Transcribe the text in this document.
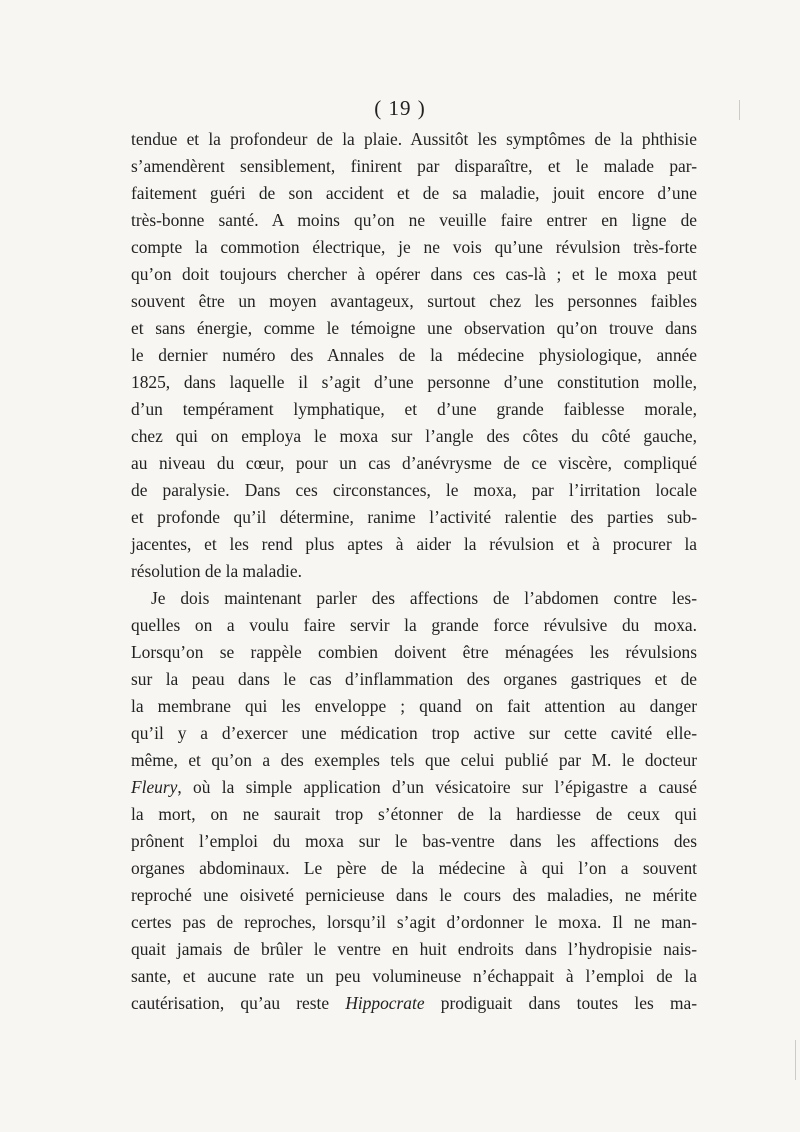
( 19 )
tendue et la profondeur de la plaie. Aussitôt les symptômes de la phthisie
s’amendèrent sensiblement, finirent par disparaître, et le malade par-
faitement guéri de son accident et de sa maladie, jouit encore d’une
très-bonne santé. A moins qu’on ne veuille faire entrer en ligne de
compte la commotion électrique, je ne vois qu’une révulsion très-forte
qu’on doit toujours chercher à opérer dans ces cas-là ; et le moxa peut
souvent être un moyen avantageux, surtout chez les personnes faibles
et sans énergie, comme le témoigne une observation qu’on trouve dans
le dernier numéro des Annales de la médecine physiologique, année
1825, dans laquelle il s’agit d’une personne d’une constitution molle,
d’un tempérament lymphatique, et d’une grande faiblesse morale,
chez qui on employa le moxa sur l’angle des côtes du côté gauche,
au niveau du cœur, pour un cas d’anévrysme de ce viscère, compliqué
de paralysie. Dans ces circonstances, le moxa, par l’irritation locale
et profonde qu’il détermine, ranime l’activité ralentie des parties sub-
jacentes, et les rend plus aptes à aider la révulsion et à procurer la
résolution de la maladie.
Je dois maintenant parler des affections de l’abdomen contre les-
quelles on a voulu faire servir la grande force révulsive du moxa.
Lorsqu’on se rappèle combien doivent être ménagées les révulsions
sur la peau dans le cas d’inflammation des organes gastriques et de
la membrane qui les enveloppe ; quand on fait attention au danger
qu’il y a d’exercer une médication trop active sur cette cavité elle-
même, et qu’on a des exemples tels que celui publié par M. le docteur
Fleury, où la simple application d’un vésicatoire sur l’épigastre a causé
la mort, on ne saurait trop s’étonner de la hardiesse de ceux qui
prônent l’emploi du moxa sur le bas-ventre dans les affections des
organes abdominaux. Le père de la médecine à qui l’on a souvent
reproché une oisiveté pernicieuse dans le cours des maladies, ne mérite
certes pas de reproches, lorsqu’il s’agit d’ordonner le moxa. Il ne man-
quait jamais de brûler le ventre en huit endroits dans l’hydropisie nais-
sante, et aucune rate un peu volumineuse n’échappait à l’emploi de la
cautérisation, qu’au reste Hippocrate prodiguait dans toutes les ma-
